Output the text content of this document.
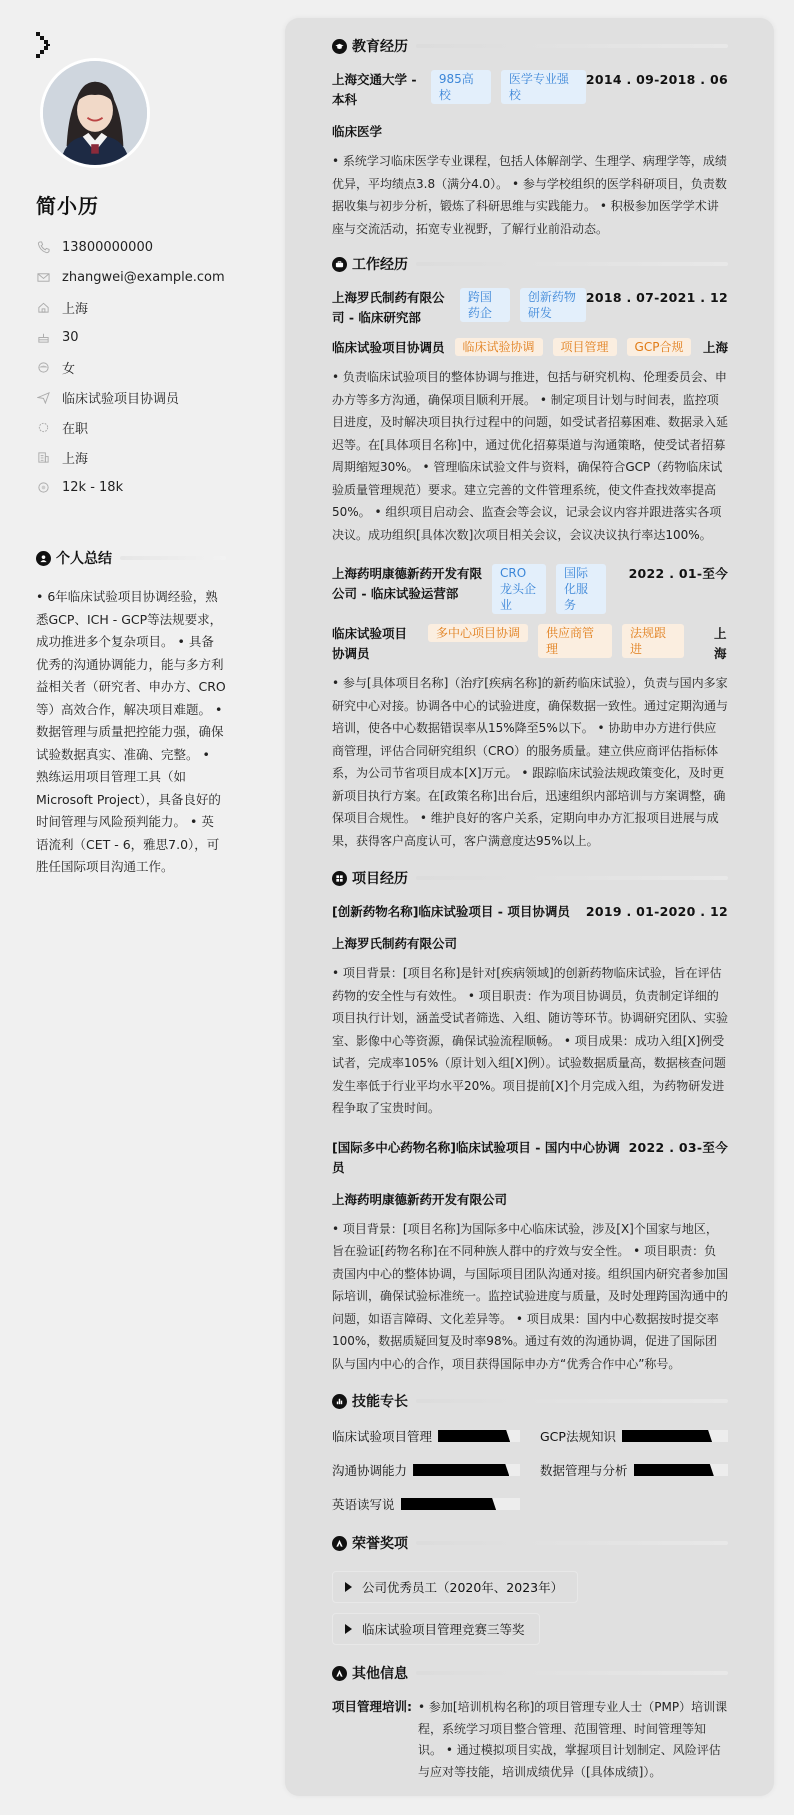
简小历
13800000000
zhangwei@example.com
上海
30
女
临床试验项目协调员
在职
上海
12k - 18k
个人总结
• 6年临床试验项目协调经验，熟悉GCP、ICH - GCP等法规要求，成功推进多个复杂项目。 • 具备优秀的沟通协调能力，能与多方利益相关者（研究者、申办方、CRO等）高效合作，解决项目难题。 • 数据管理与质量把控能力强，确保试验数据真实、准确、完整。 • 熟练运用项目管理工具（如Microsoft Project），具备良好的时间管理与风险预判能力。 • 英语流利（CET - 6，雅思7.0），可胜任国际项目沟通工作。
教育经历
上海交通大学 - 本科
985高校
医学专业强校
2014 . 09-2018 . 06
临床医学
• 系统学习临床医学专业课程，包括人体解剖学、生理学、病理学等，成绩优异，平均绩点3.8（满分4.0）。 • 参与学校组织的医学科研项目，负责数据收集与初步分析，锻炼了科研思维与实践能力。 • 积极参加医学学术讲座与交流活动，拓宽专业视野，了解行业前沿动态。
工作经历
上海罗氏制药有限公司 - 临床研究部
跨国药企
创新药物研发
2018 . 07-2021 . 12
临床试验项目协调员	临床试验协调	项目管理	GCP合规	上海
• 负责临床试验项目的整体协调与推进，包括与研究机构、伦理委员会、申办方等多方沟通，确保项目顺利开展。 • 制定项目计划与时间表，监控项目进度，及时解决项目执行过程中的问题，如受试者招募困难、数据录入延迟等。在[具体项目名称]中，通过优化招募渠道与沟通策略，使受试者招募周期缩短30%。 • 管理临床试验文件与资料，确保符合GCP（药物临床试验质量管理规范）要求。建立完善的文件管理系统，使文件查找效率提高50%。 • 组织项目启动会、监查会等会议，记录会议内容并跟进落实各项决议。成功组织[具体次数]次项目相关会议，会议决议执行率达100%。
上海药明康德新药开发有限公司 - 临床试验运营部
CRO龙头企业
国际化服务
2022 . 01-至今
临床试验项目协调员
多中心项目协调	供应商管理
法规跟进
上海
• 参与[具体项目名称]（治疗[疾病名称]的新药临床试验），负责与国内多家研究中心对接。协调各中心的试验进度，确保数据一致性。通过定期沟通与培训，使各中心数据错误率从15%降至5%以下。 • 协助申办方进行供应商管理，评估合同研究组织（CRO）的服务质量。建立供应商评估指标体系，为公司节省项目成本[X]万元。 • 跟踪临床试验法规政策变化，及时更新项目执行方案。在[政策名称]出台后，迅速组织内部培训与方案调整，确保项目合规性。 • 维护良好的客户关系，定期向申办方汇报项目进展与成果，获得客户高度认可，客户满意度达95%以上。
项目经历
[创新药物名称]临床试验项目 - 项目协调员 2019 . 01-2020 . 12
上海罗氏制药有限公司
• 项目背景：[项目名称]是针对[疾病领域]的创新药物临床试验，旨在评估药物的安全性与有效性。 • 项目职责：作为项目协调员，负责制定详细的项目执行计划，涵盖受试者筛选、入组、随访等环节。协调研究团队、实验室、影像中心等资源，确保试验流程顺畅。 • 项目成果：成功入组[X]例受试者，完成率105%（原计划入组[X]例）。试验数据质量高，数据核查问题发生率低于行业平均水平20%。项目提前[X]个月完成入组，为药物研发进程争取了宝贵时间。
[国际多中心药物名称]临床试验项目 - 国内中心协调员
2022 . 03-至今
上海药明康德新药开发有限公司
• 项目背景：[项目名称]为国际多中心临床试验，涉及[X]个国家与地区，旨在验证[药物名称]在不同种族人群中的疗效与安全性。 • 项目职责：负责国内中心的整体协调，与国际项目团队沟通对接。组织国内研究者参加国际培训，确保试验标准统一。监控试验进度与质量，及时处理跨国沟通中的问题，如语言障碍、文化差异等。 • 项目成果：国内中心数据按时提交率100%，数据质疑回复及时率98%。通过有效的沟通协调，促进了国际团队与国内中心的合作，项目获得国际申办方“优秀合作中心”称号。
技能专长
临床试验项目管理	GCP法规知识
沟通协调能力	数据管理与分析
英语读写说
荣誉奖项
公司优秀员工（2020年、2023年）
临床试验项目管理竞赛三等奖
其他信息
项目管理培训: • 参加[培训机构名称]的项目管理专业人士（PMP）培训课程，系统学习项目整合管理、范围管理、时间管理等知识。 • 通过模拟项目实战，掌握项目计划制定、风险评估与应对等技能，培训成绩优异（[具体成绩]）。
